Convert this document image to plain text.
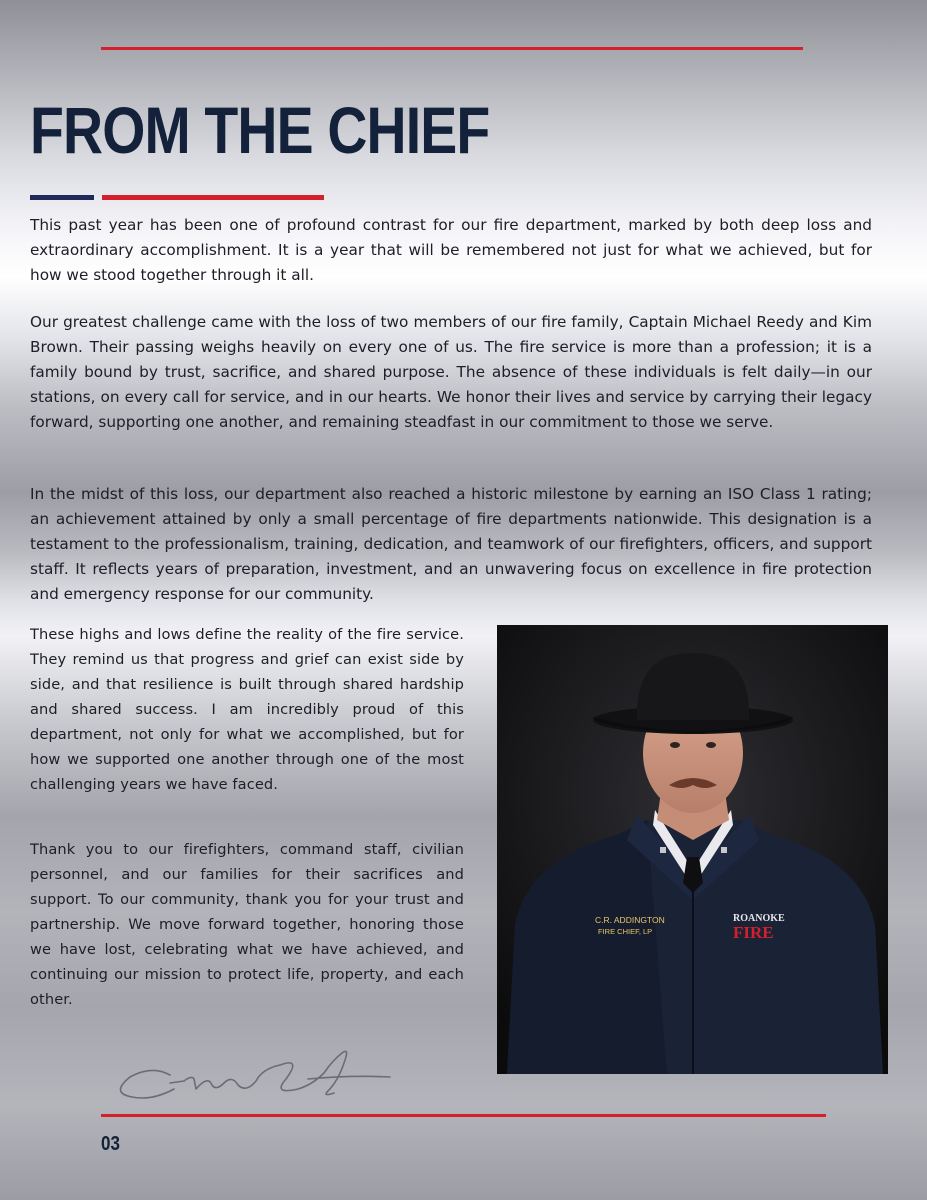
FROM THE CHIEF

This past year has been one of profound contrast for our fire department, marked by both deep loss and extraordinary accomplishment. It is a year that will be remembered not just for what we achieved, but for how we stood together through it all.

Our greatest challenge came with the loss of two members of our fire family, Captain Michael Reedy and Kim Brown. Their passing weighs heavily on every one of us. The fire service is more than a profession; it is a family bound by trust, sacrifice, and shared purpose. The absence of these individuals is felt daily—in our stations, on every call for service, and in our hearts. We honor their lives and service by carrying their legacy forward, supporting one another, and remaining steadfast in our commitment to those we serve.

In the midst of this loss, our department also reached a historic milestone by earning an ISO Class 1 rating; an achievement attained by only a small percentage of fire departments nationwide. This designation is a testament to the professionalism, training, dedication, and teamwork of our firefighters, officers, and support staff. It reflects years of preparation, investment, and an unwavering focus on excellence in fire protection and emergency response for our community.

These highs and lows define the reality of the fire service. They remind us that progress and grief can exist side by side, and that resilience is built through shared hardship and shared success. I am incredibly proud of this department, not only for what we accomplished, but for how we supported one another through one of the most challenging years we have faced.

Thank you to our firefighters, command staff, civilian personnel, and our families for their sacrifices and support. To our community, thank you for your trust and partnership. We move forward together, honoring those we have lost, celebrating what we have achieved, and continuing our mission to protect life, property, and each other.

C.R. ADDINGTON
FIRE CHIEF, LP
ROANOKE
FIRE

03
